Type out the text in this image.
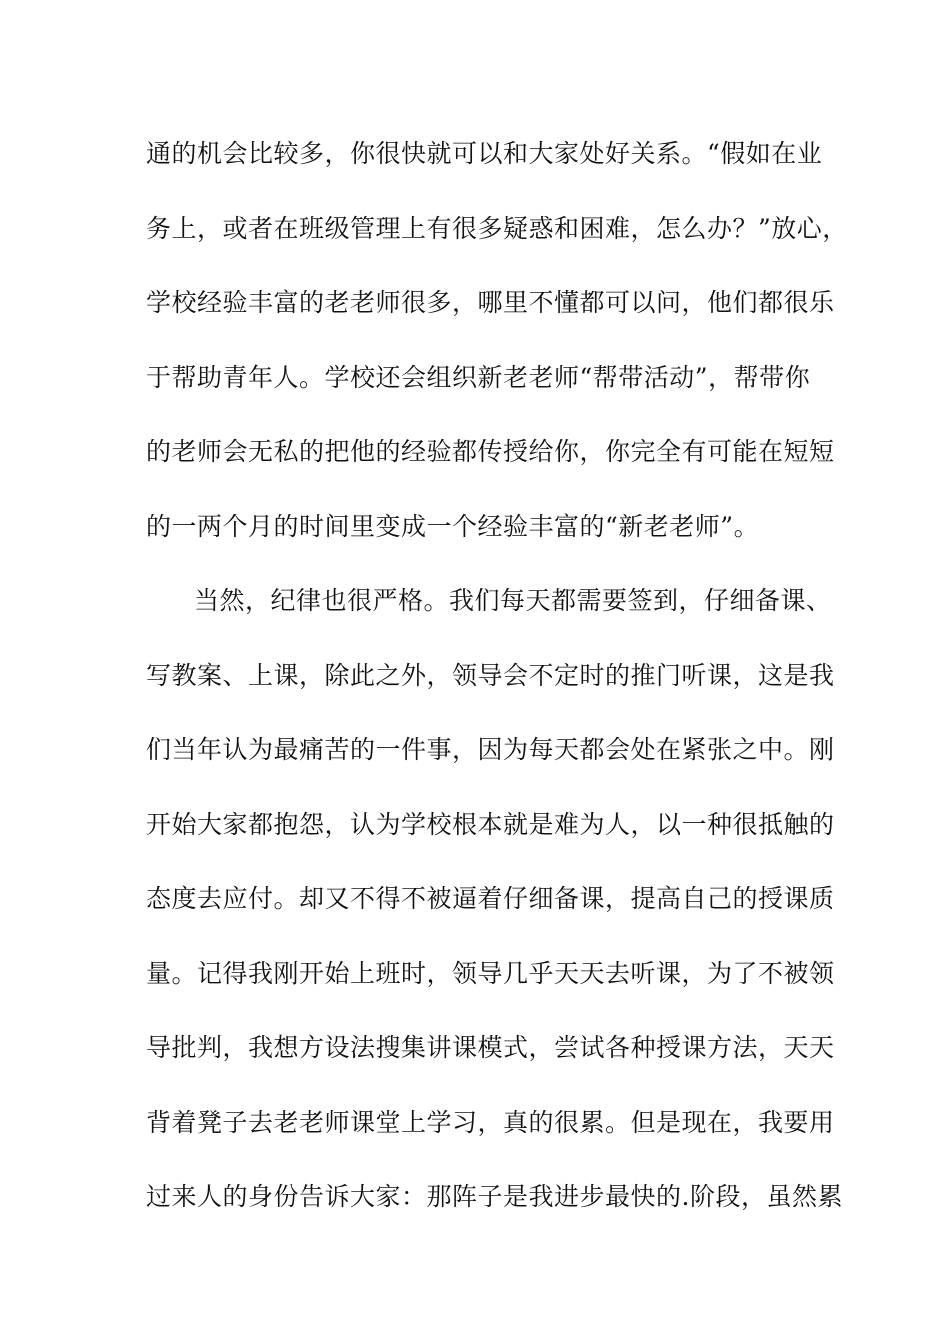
通的机会比较多，你很快就可以和大家处好关系。“假如在业
务上，或者在班级管理上有很多疑惑和困难，怎么办？”放心，
学校经验丰富的老老师很多，哪里不懂都可以问，他们都很乐
于帮助青年人。学校还会组织新老老师“帮带活动”，帮带你
的老师会无私的把他的经验都传授给你，你完全有可能在短短
的一两个月的时间里变成一个经验丰富的“新老老师”。
当然，纪律也很严格。我们每天都需要签到，仔细备课、
写教案、上课，除此之外，领导会不定时的推门听课，这是我
们当年认为最痛苦的一件事，因为每天都会处在紧张之中。刚
开始大家都抱怨，认为学校根本就是难为人，以一种很抵触的
态度去应付。却又不得不被逼着仔细备课，提高自己的授课质
量。记得我刚开始上班时，领导几乎天天去听课，为了不被领
导批判，我想方设法搜集讲课模式，尝试各种授课方法，天天
背着凳子去老老师课堂上学习，真的很累。但是现在，我要用
过来人的身份告诉大家：那阵子是我进步最快的.阶段，虽然累
